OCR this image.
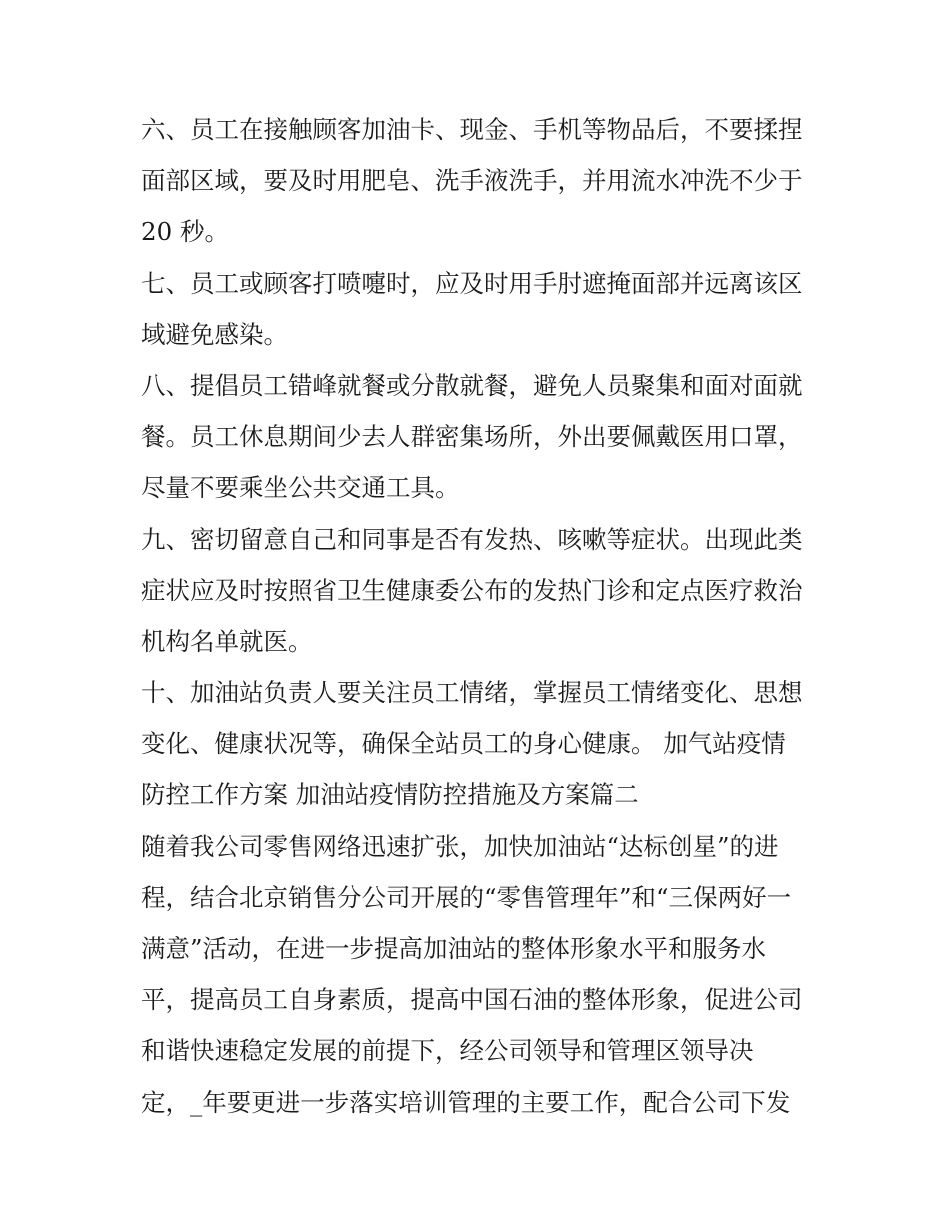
六、员工在接触顾客加油卡、现金、手机等物品后，不要揉捏
面部区域，要及时用肥皂、洗手液洗手，并用流水冲洗不少于
20 秒。
七、员工或顾客打喷嚏时，应及时用手肘遮掩面部并远离该区
域避免感染。
八、提倡员工错峰就餐或分散就餐，避免人员聚集和面对面就
餐。员工休息期间少去人群密集场所，外出要佩戴医用口罩，
尽量不要乘坐公共交通工具。
九、密切留意自己和同事是否有发热、咳嗽等症状。出现此类
症状应及时按照省卫生健康委公布的发热门诊和定点医疗救治
机构名单就医。
十、加油站负责人要关注员工情绪，掌握员工情绪变化、思想
变化、健康状况等，确保全站员工的身心健康。 加气站疫情
防控工作方案 加油站疫情防控措施及方案篇二
随着我公司零售网络迅速扩张，加快加油站“达标创星”的进
程，结合北京销售分公司开展的“零售管理年”和“三保两好一
满意”活动，在进一步提高加油站的整体形象水平和服务水
平，提高员工自身素质，提高中国石油的整体形象，促进公司
和谐快速稳定发展的前提下，经公司领导和管理区领导决
定，_年要更进一步落实培训管理的主要工作，配合公司下发
